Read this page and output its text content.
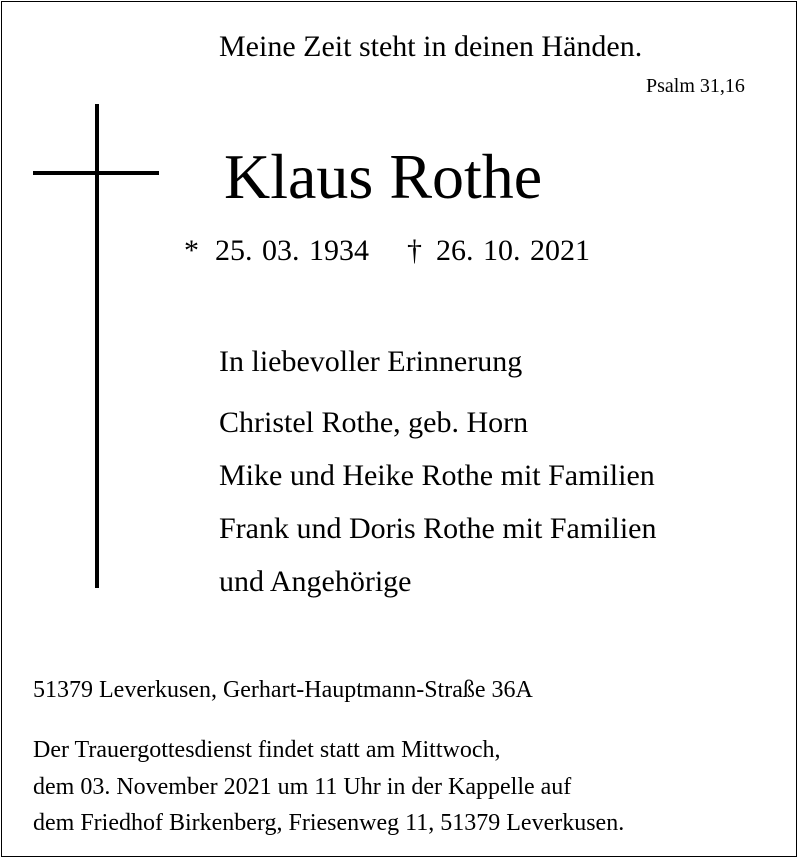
Meine Zeit steht in deinen Händen.

Psalm 31,16

Klaus Rothe

* 25. 03. 1934 † 26. 10. 2021

In liebevoller Erinnerung

Christel Rothe, geb. Horn

Mike und Heike Rothe mit Familien

Frank und Doris Rothe mit Familien

und Angehörige

51379 Leverkusen, Gerhart-Hauptmann-Straße 36A

Der Trauergottesdienst findet statt am Mittwoch,

dem 03. November 2021 um 11 Uhr in der Kappelle auf

dem Friedhof Birkenberg, Friesenweg 11, 51379 Leverkusen.
